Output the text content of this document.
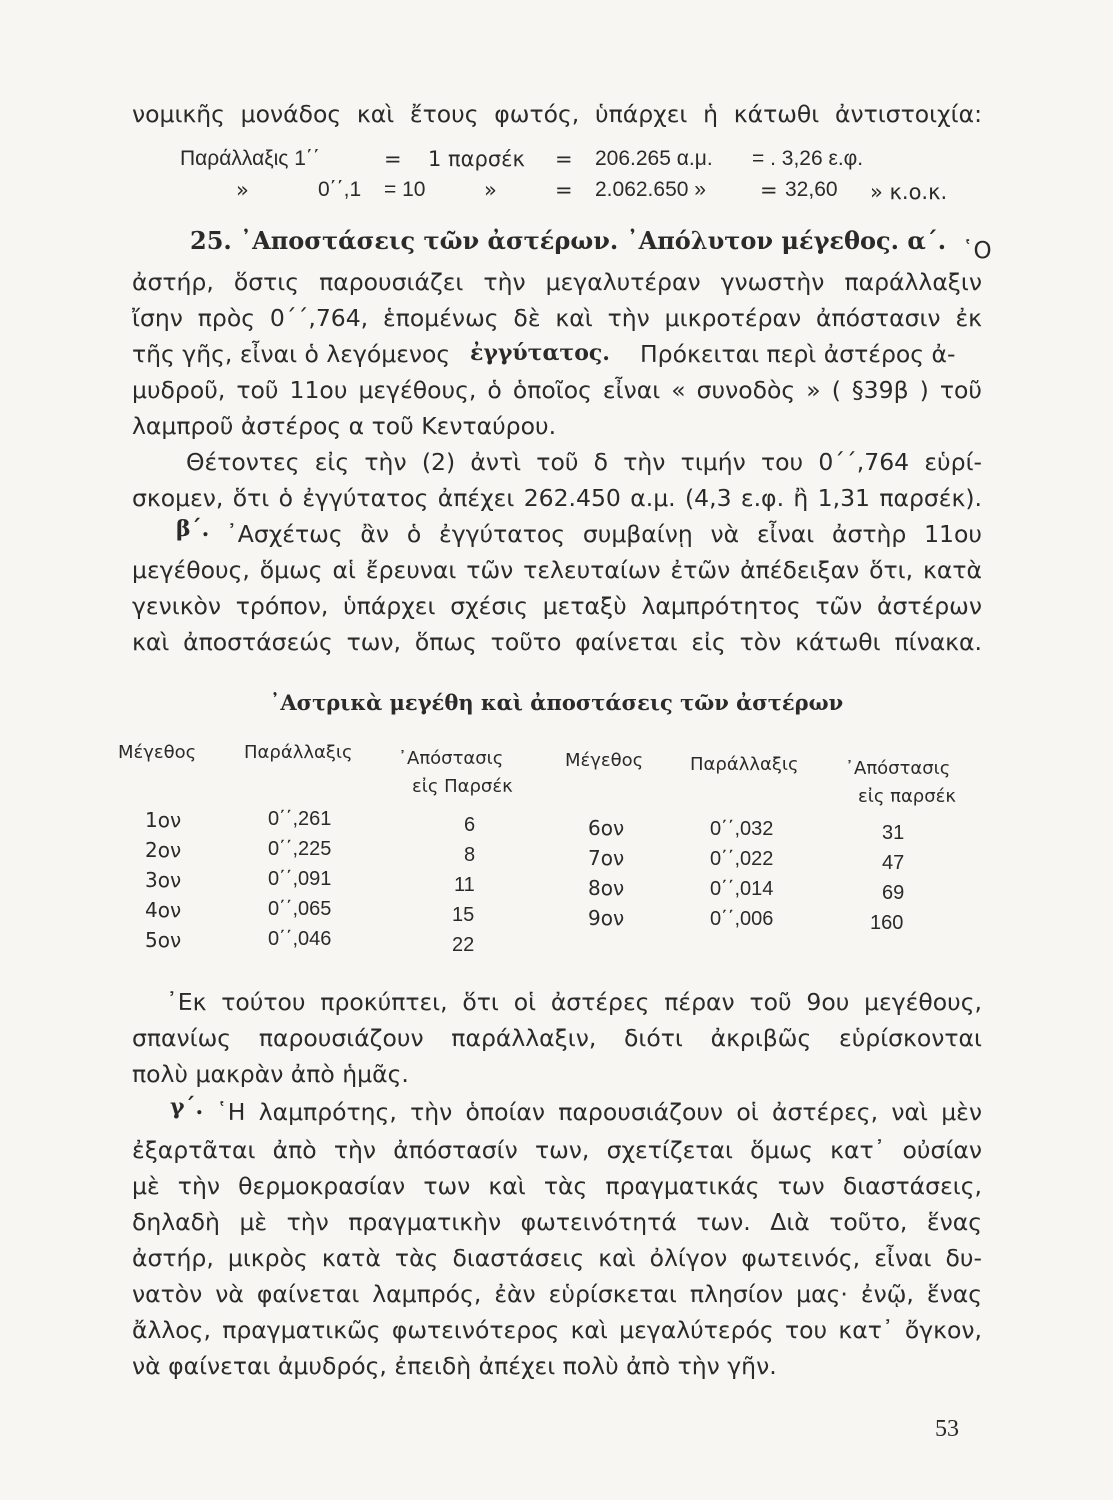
νομικῆς μονάδος καὶ ἔτους φωτός, ὑπάρχει ἡ κάτωθι ἀντιστοιχία:
Παράλλαξις 1΄΄	= 1 παρσέκ = 206.265 α.μ. = . 3,26 ε.φ.
»	0΄΄,1 = 10	»	= 2.062.650 »	= 32,60 » κ.ο.κ.
25. ᾿Αποστάσεις τῶν ἀστέρων. ᾿Απόλυτον μέγεθος. α΄. ῾Ο
ἀστήρ, ὅστις παρουσιάζει τὴν μεγαλυτέραν γνωστὴν παράλλαξιν
ἴσην πρὸς 0΄΄,764, ἑπομένως δὲ καὶ τὴν μικροτέραν ἀπόστασιν ἐκ
τῆς γῆς, εἶναι ὁ λεγόμενος ἐγγύτατος. Πρόκειται περὶ ἀστέρος ἀ-
μυδροῦ, τοῦ 11ου μεγέθους, ὁ ὁποῖος εἶναι « συνοδὸς » ( §39β ) τοῦ
λαμπροῦ ἀστέρος α τοῦ Κενταύρου.
Θέτοντες εἰς τὴν (2) ἀντὶ τοῦ δ τὴν τιμήν του 0΄΄,764 εὑρί-
σκομεν, ὅτι ὁ ἐγγύτατος ἀπέχει 262.450 α.μ. (4,3 ε.φ. ἢ 1,31 παρσέκ).
β΄. ᾿Ασχέτως ἂν ὁ ἐγγύτατος συμβαίνῃ νὰ εἶναι ἀστὴρ 11ου
μεγέθους, ὅμως αἱ ἔρευναι τῶν τελευταίων ἐτῶν ἀπέδειξαν ὅτι, κατὰ
γενικὸν τρόπον, ὑπάρχει σχέσις μεταξὺ λαμπρότητος τῶν ἀστέρων
καὶ ἀποστάσεώς των, ὅπως τοῦτο φαίνεται εἰς τὸν κάτωθι πίνακα.
᾿Αστρικὰ μεγέθη καὶ ἀποστάσεις τῶν ἀστέρων
Μέγεθος	Παράλλαξις	᾿Απόστασις
εἰς Παρσέκ
Μέγεθος	Παράλλαξις	᾿Απόστασις
εἰς παρσέκ
1ον	0΄΄,261	6
2ον	0΄΄,225	8
3ον	0΄΄,091	11
4ον	0΄΄,065	15
5ον	0΄΄,046	22
6ον	0΄΄,032	31
7ον	0΄΄,022	47
8ον	0΄΄,014	69
9ον	0΄΄,006	160
᾿Εκ τούτου προκύπτει, ὅτι οἱ ἀστέρες πέραν τοῦ 9ου μεγέθους,
σπανίως παρουσιάζουν παράλλαξιν, διότι ἀκριβῶς εὑρίσκονται
πολὺ μακρὰν ἀπὸ ἡμᾶς.
γ΄. ῾Η λαμπρότης, τὴν ὁποίαν παρουσιάζουν οἱ ἀστέρες, ναὶ μὲν
ἐξαρτᾶται ἀπὸ τὴν ἀπόστασίν των, σχετίζεται ὅμως κατ᾿ οὐσίαν
μὲ τὴν θερμοκρασίαν των καὶ τὰς πραγματικάς των διαστάσεις,
δηλαδὴ μὲ τὴν πραγματικὴν φωτεινότητά των. Διὰ τοῦτο, ἕνας
ἀστήρ, μικρὸς κατὰ τὰς διαστάσεις καὶ ὀλίγον φωτεινός, εἶναι δυ-
νατὸν νὰ φαίνεται λαμπρός, ἐὰν εὑρίσκεται πλησίον μας· ἐνῷ, ἕνας
ἄλλος, πραγματικῶς φωτεινότερος καὶ μεγαλύτερός του κατ᾿ ὄγκον,
νὰ φαίνεται ἀμυδρός, ἐπειδὴ ἀπέχει πολὺ ἀπὸ τὴν γῆν.
53
